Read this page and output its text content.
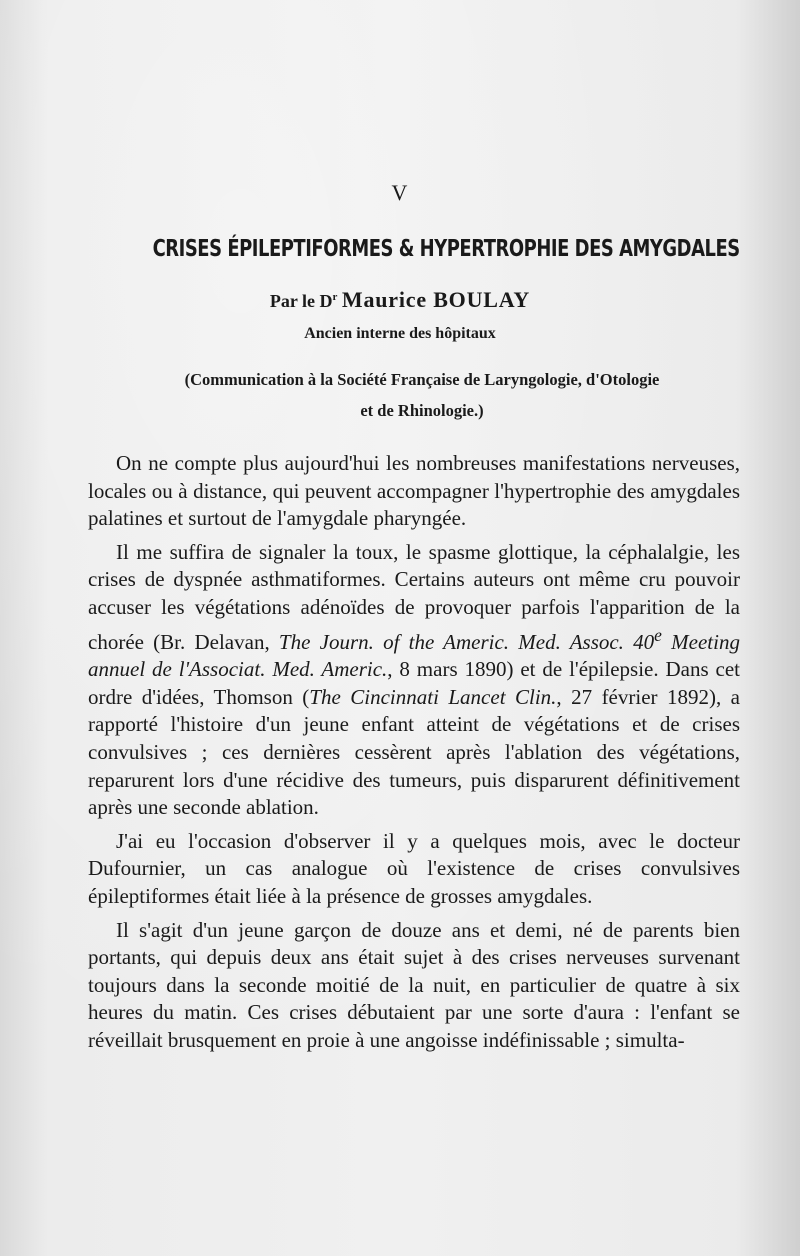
V
CRISES ÉPILEPTIFORMES & HYPERTROPHIE DES AMYGDALES
Par le $D^r$ Maurice BOULAY
Ancien interne des hôpitaux
(Communication à la Société Française de Laryngologie, d'Otologie
et de Rhinologie.)

On ne compte plus aujourd'hui les nombreuses manifestations nerveuses, locales ou à distance, qui peuvent accompagner l'hypertrophie des amygdales palatines et surtout de l'amygdale pharyngée.

Il me suffira de signaler la toux, le spasme glottique, la céphalalgie, les crises de dyspnée asthmatiformes. Certains auteurs ont même cru pouvoir accuser les végétations adénoïdes de provoquer parfois l'apparition de la chorée (Br. Delavan, The Journ. of the Americ. Med. Assoc. 40e Meeting annuel de l'Associat. Med. Americ., 8 mars 1890) et de l'épilepsie. Dans cet ordre d'idées, Thomson (The Cincinnati Lancet Clin., 27 février 1892), a rapporté l'histoire d'un jeune enfant atteint de végétations et de crises convulsives ; ces dernières cessèrent après l'ablation des végétations, reparurent lors d'une récidive des tumeurs, puis disparurent définitivement après une seconde ablation.

J'ai eu l'occasion d'observer il y a quelques mois, avec le docteur Dufournier, un cas analogue où l'existence de crises convulsives épileptiformes était liée à la présence de grosses amygdales.

Il s'agit d'un jeune garçon de douze ans et demi, né de parents bien portants, qui depuis deux ans était sujet à des crises nerveuses survenant toujours dans la seconde moitié de la nuit, en particulier de quatre à six heures du matin. Ces crises débutaient par une sorte d'aura : l'enfant se réveillait brusquement en proie à une angoisse indéfinissable ; simulta-
